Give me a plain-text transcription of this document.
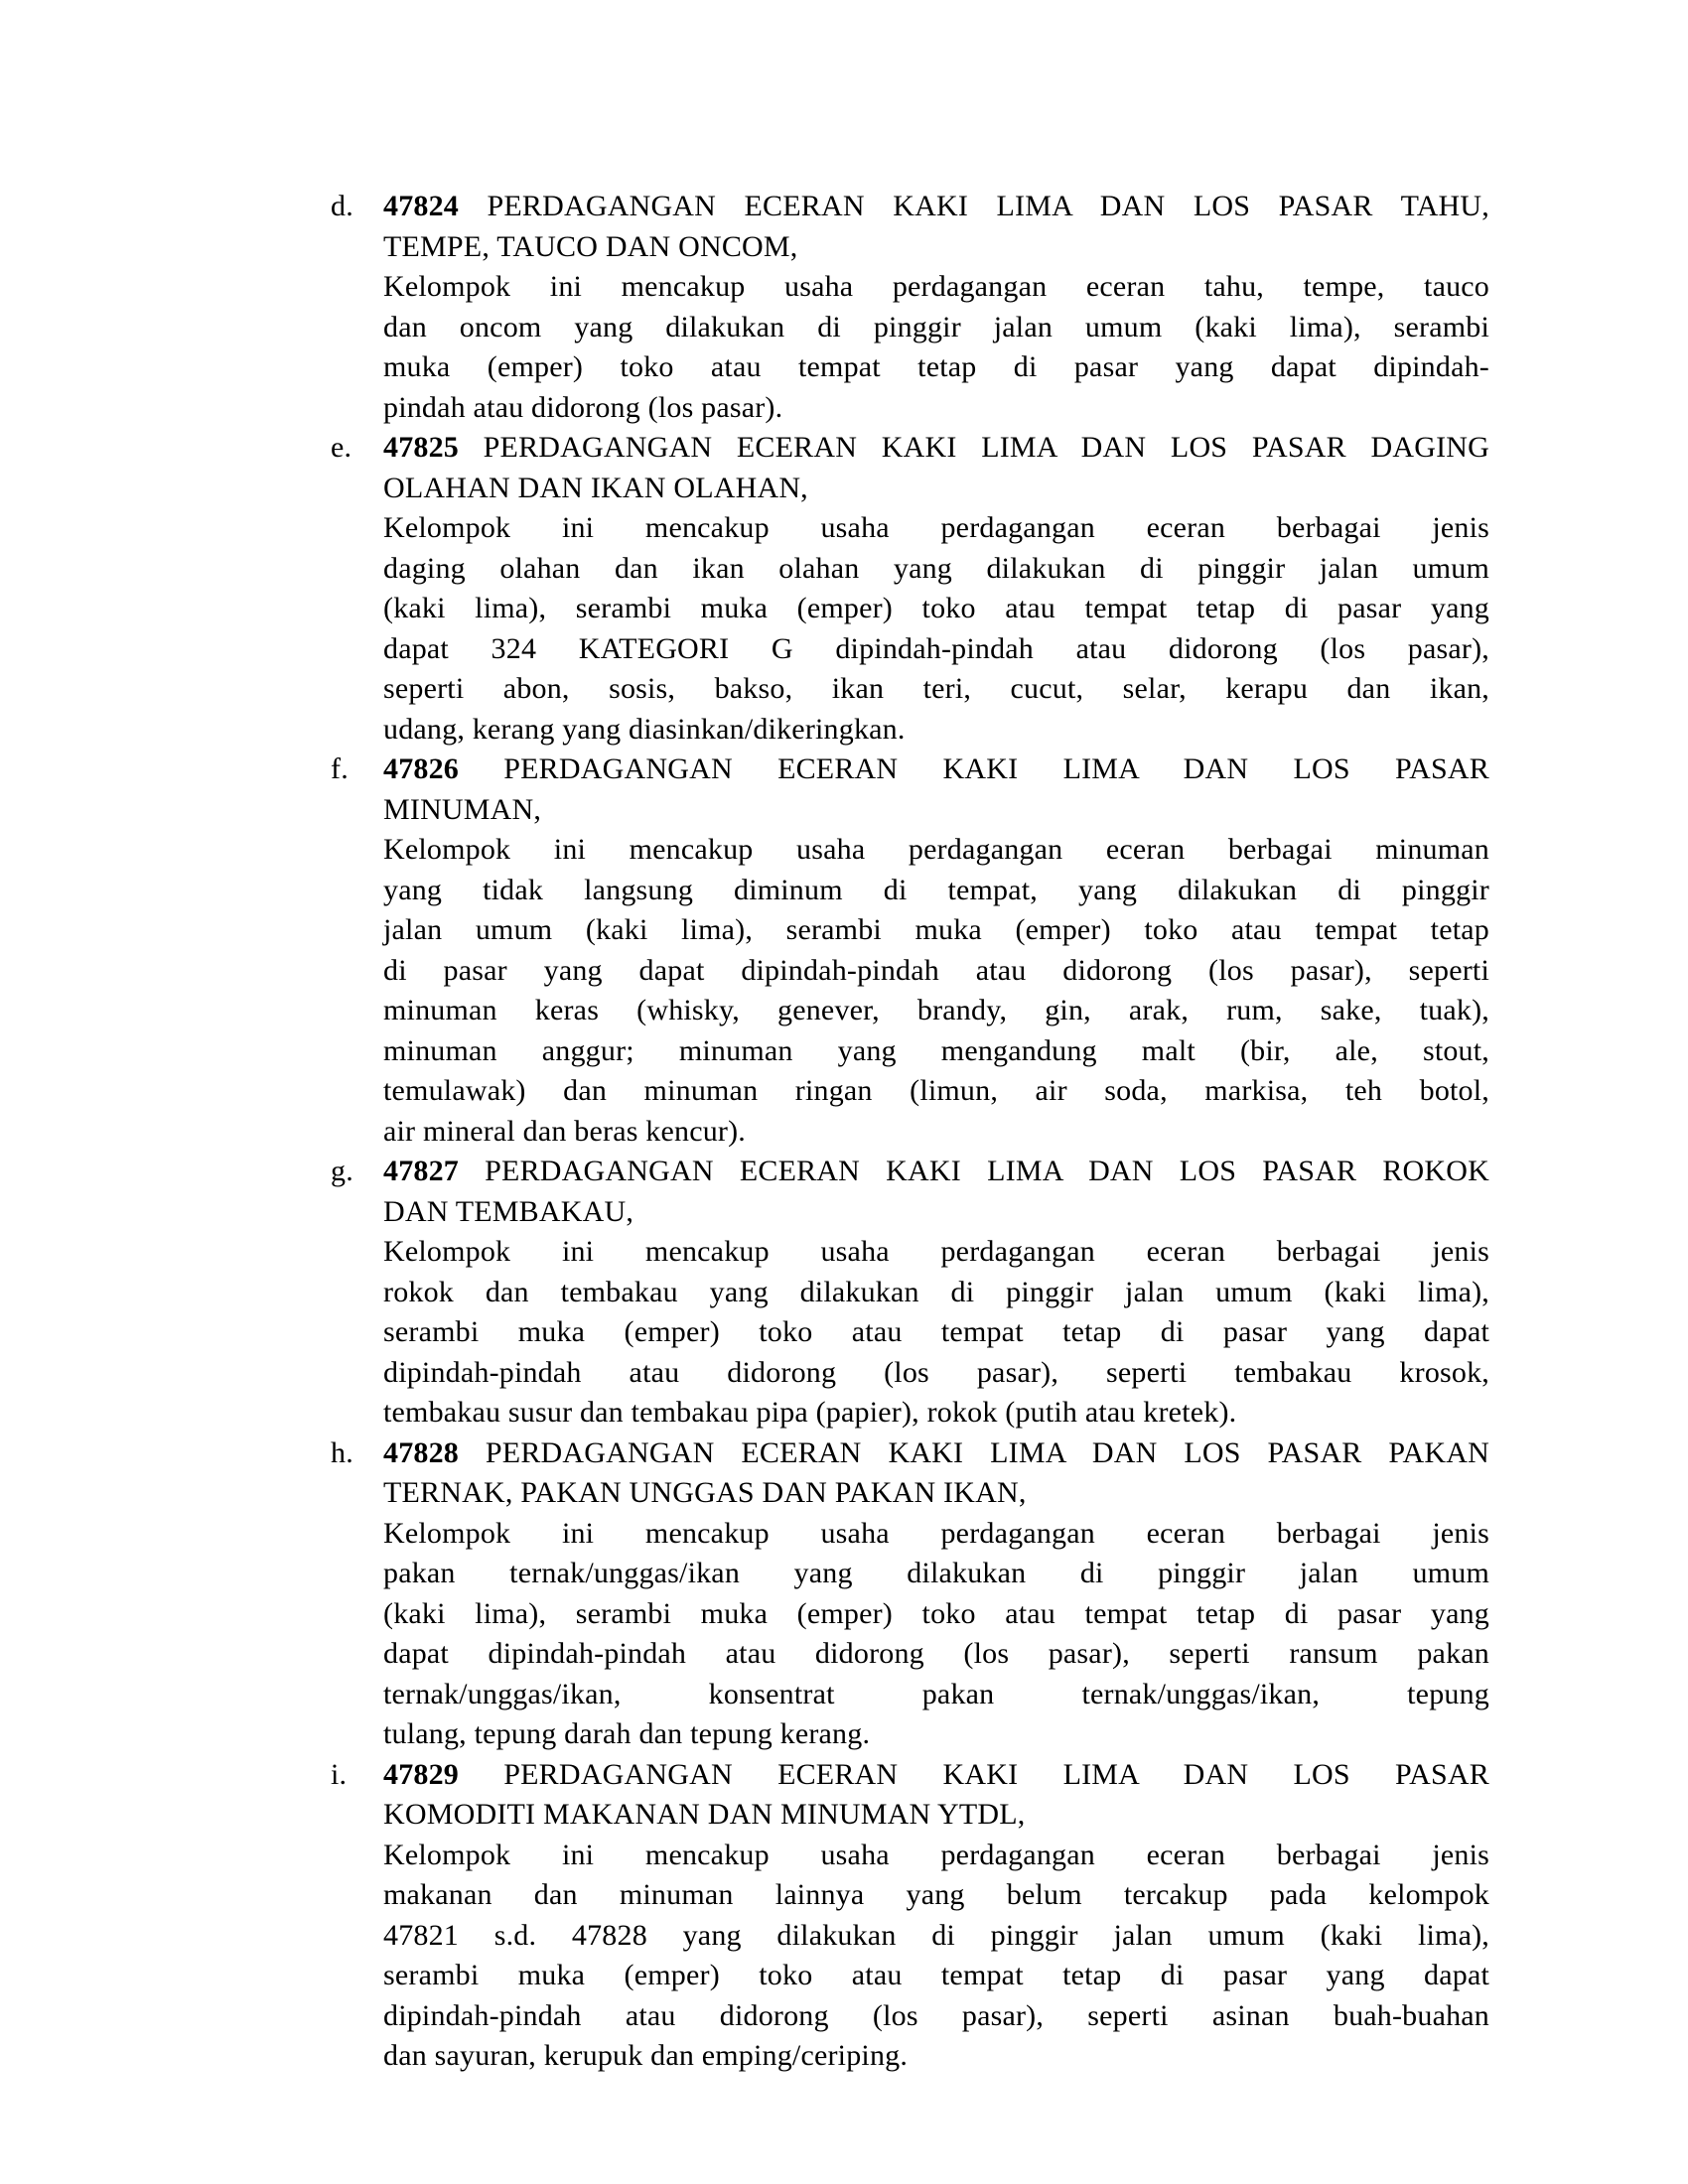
d.	47824 PERDAGANGAN ECERAN KAKI LIMA DAN LOS PASAR TAHU,
TEMPE, TAUCO DAN ONCOM,
Kelompok ini mencakup usaha perdagangan eceran tahu, tempe, tauco
dan oncom yang dilakukan di pinggir jalan umum (kaki lima), serambi
muka (emper) toko atau tempat tetap di pasar yang dapat dipindah-
pindah atau didorong (los pasar).
e.	47825 PERDAGANGAN ECERAN KAKI LIMA DAN LOS PASAR DAGING
OLAHAN DAN IKAN OLAHAN,
Kelompok ini mencakup usaha perdagangan eceran berbagai jenis
daging olahan dan ikan olahan yang dilakukan di pinggir jalan umum
(kaki lima), serambi muka (emper) toko atau tempat tetap di pasar yang
dapat 324 KATEGORI G dipindah-pindah atau didorong (los pasar),
seperti abon, sosis, bakso, ikan teri, cucut, selar, kerapu dan ikan,
udang, kerang yang diasinkan/dikeringkan.
f.	47826 PERDAGANGAN ECERAN KAKI LIMA DAN LOS PASAR
MINUMAN,
Kelompok ini mencakup usaha perdagangan eceran berbagai minuman
yang tidak langsung diminum di tempat, yang dilakukan di pinggir
jalan umum (kaki lima), serambi muka (emper) toko atau tempat tetap
di pasar yang dapat dipindah-pindah atau didorong (los pasar), seperti
minuman keras (whisky, genever, brandy, gin, arak, rum, sake, tuak),
minuman anggur; minuman yang mengandung malt (bir, ale, stout,
temulawak) dan minuman ringan (limun, air soda, markisa, teh botol,
air mineral dan beras kencur).
g.	47827 PERDAGANGAN ECERAN KAKI LIMA DAN LOS PASAR ROKOK
DAN TEMBAKAU,
Kelompok ini mencakup usaha perdagangan eceran berbagai jenis
rokok dan tembakau yang dilakukan di pinggir jalan umum (kaki lima),
serambi muka (emper) toko atau tempat tetap di pasar yang dapat
dipindah-pindah atau didorong (los pasar), seperti tembakau krosok,
tembakau susur dan tembakau pipa (papier), rokok (putih atau kretek).
h.	47828 PERDAGANGAN ECERAN KAKI LIMA DAN LOS PASAR PAKAN
TERNAK, PAKAN UNGGAS DAN PAKAN IKAN,
Kelompok ini mencakup usaha perdagangan eceran berbagai jenis
pakan ternak/unggas/ikan yang dilakukan di pinggir jalan umum
(kaki lima), serambi muka (emper) toko atau tempat tetap di pasar yang
dapat dipindah-pindah atau didorong (los pasar), seperti ransum pakan
ternak/unggas/ikan, konsentrat pakan ternak/unggas/ikan, tepung
tulang, tepung darah dan tepung kerang.
i.	47829 PERDAGANGAN ECERAN KAKI LIMA DAN LOS PASAR
KOMODITI MAKANAN DAN MINUMAN YTDL,
Kelompok ini mencakup usaha perdagangan eceran berbagai jenis
makanan dan minuman lainnya yang belum tercakup pada kelompok
47821 s.d. 47828 yang dilakukan di pinggir jalan umum (kaki lima),
serambi muka (emper) toko atau tempat tetap di pasar yang dapat
dipindah-pindah atau didorong (los pasar), seperti asinan buah-buahan
dan sayuran, kerupuk dan emping/ceriping.
